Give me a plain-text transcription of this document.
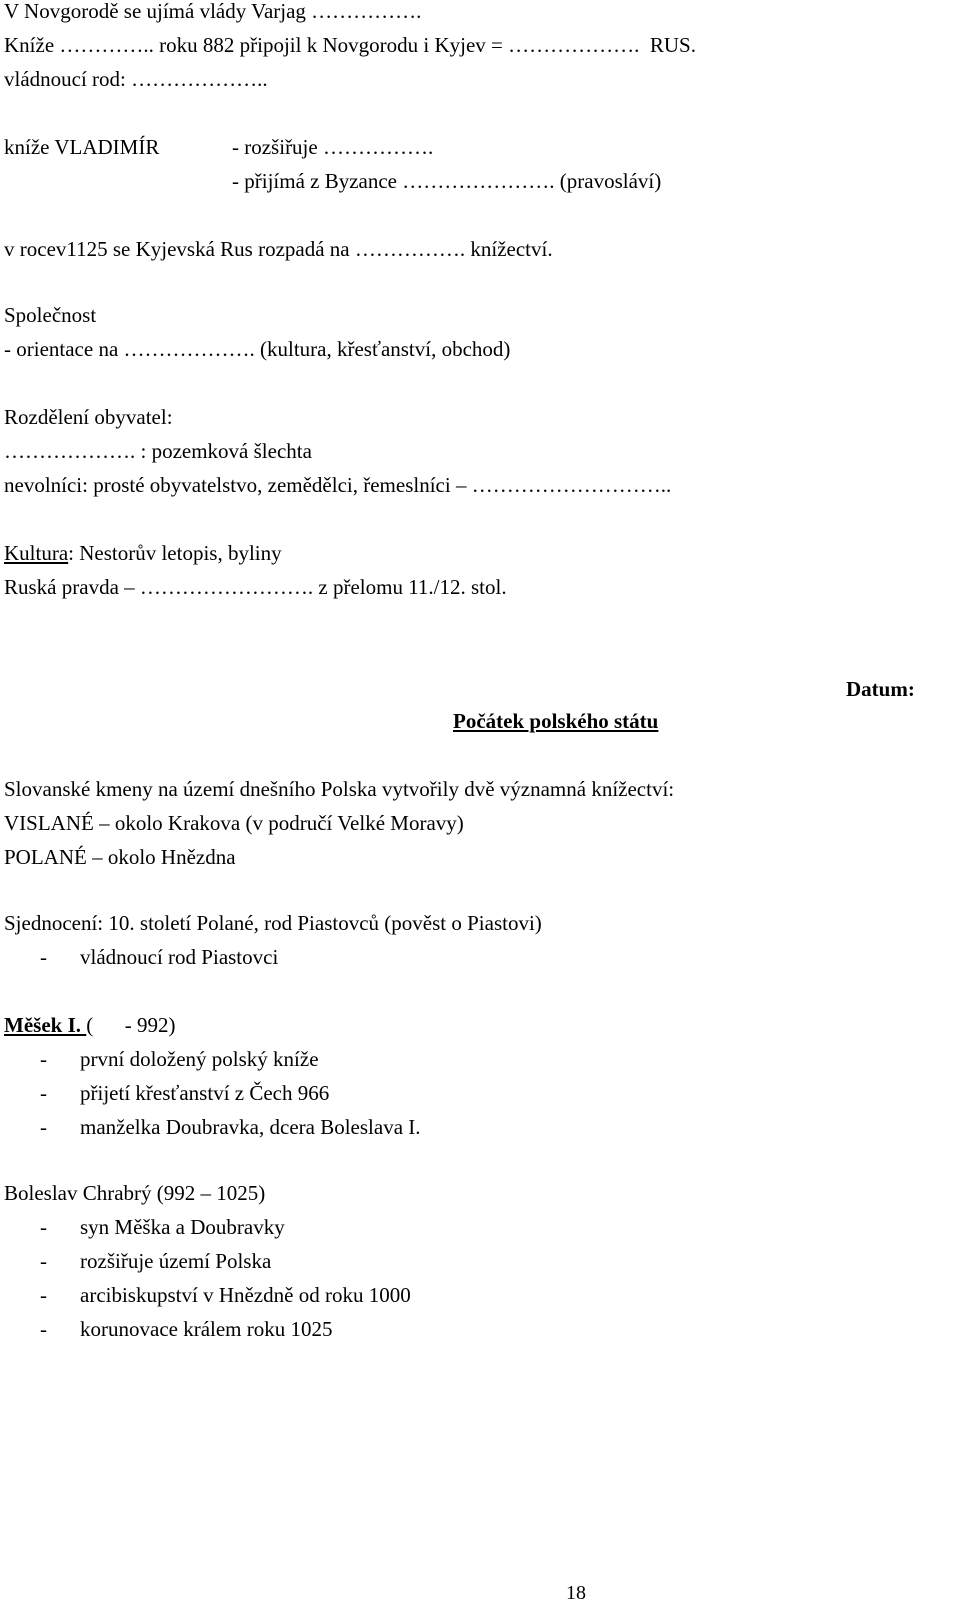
V Novgorodě se ujímá vlády Varjag …………….

Kníže ………….. roku 882 připojil k Novgorodu i Kyjev = ……………….  RUS.

vládnoucí rod: ………………..

kníže VLADIMÍR	- rozšiřuje …………….

- přijímá z Byzance …………………. (pravosláví)

v rocev1125 se Kyjevská Rus rozpadá na ……………. knížectví.

Společnost

- orientace na ………………. (kultura, křesťanství, obchod)

Rozdělení obyvatel:

………………. : pozemková šlechta

nevolníci: prosté obyvatelstvo, zemědělci, řemeslníci – ………………………..

Kultura: Nestorův letopis, byliny

Ruská pravda – ……………………. z přelomu 11./12. stol.

Datum:

Počátek polského státu

Slovanské kmeny na území dnešního Polska vytvořily dvě významná knížectví:

VISLANÉ – okolo Krakova (v područí Velké Moravy)

POLANÉ – okolo Hnězdna

Sjednocení: 10. století Polané, rod Piastovců (pověst o Piastovi)

- vládnoucí rod Piastovci

Měšek I. (      - 992)

- první doložený polský kníže

- přijetí křesťanství z Čech 966

- manželka Doubravka, dcera Boleslava I.

Boleslav Chrabrý (992 – 1025)

- syn Měška a Doubravky

- rozšiřuje území Polska

- arcibiskupství v Hnězdně od roku 1000

- korunovace králem roku 1025

18
